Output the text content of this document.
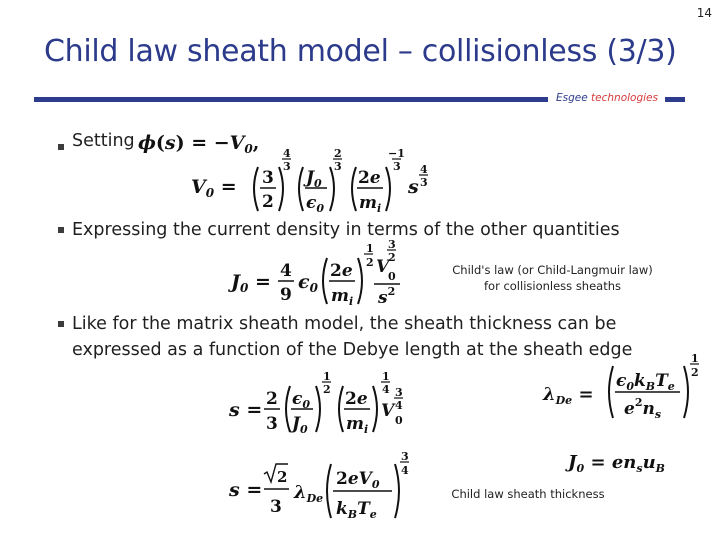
14
Child law sheath model – collisionless (3/3)
Esgee technologies
Setting $\phi(s) = -V_0$,
$V_0 = 3$
2
4
3
$J_0$
$\epsilon_0$
2
3
2e
$m_i$
−1
3
s
4
3
Expressing the current density in terms of the other quantities
$J_0 = 4$
9
$\epsilon_0$
2e
$m_i$
1
2 V
3
2
0
$s^2$
Child's law (or Child-Langmuir law)
for collisionless sheaths
Like for the matrix sheath model, the sheath thickness can be
expressed as a function of the Debye length at the sheath edge
s = 2
3
$\epsilon_0$
$J_0$
1
2 2e
$m_i$
1
4
V
3
4
0
$\lambda_{De}$ =
$\epsilon_0k_BT_e$
$e^2n_s$
1
2
$J_0 = en_su_B$
s =
2
3
$\lambda_{De}$
$2eV_0$
$k_BT_e$
3
4
Child law sheath thickness
